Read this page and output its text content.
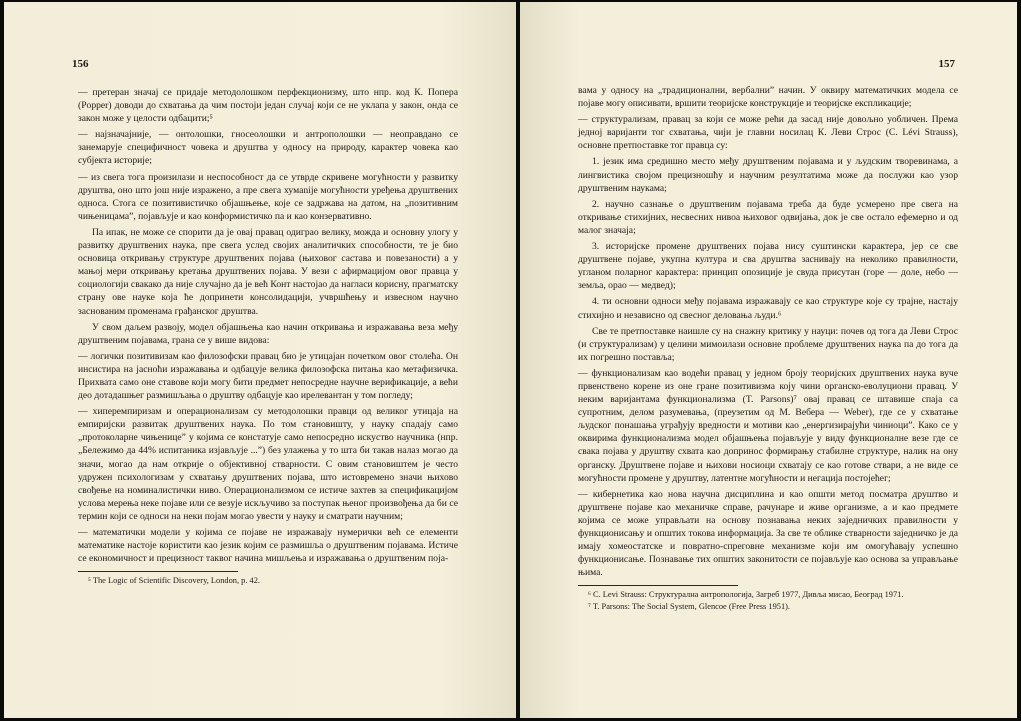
156

— претеран значај се придаје методолошком перфекционизму, што нпр. код К. Попера (Popper) доводи до схватања да чим постоји један случај који се не уклапа у закон, онда се закон може у целости одбацити;⁵

— најзначајније, — онтолошки, гносеолошки и антрополошки — неоправдано се занемарује специфичност човека и друштва у односу на природу, карактер човека као субјекта историје;

— из свега тога произилази и неспособност да се утврде скривене могућности у развитку друштва, оно што још није изражено, а пре свега хумаnije могућности уређења друштвених односа. Стога се позитивистичко објашњење, које се задржава на датом, на „позитивним чињеницама”, појављује и као конформистичко па и као конзервативно.

Па ипак, не може се спорити да је овај правац одиграо велику, можда и основну улогу у развитку друштвених наука, пре свега услед својих аналитичких способности, те је био основица откривању структуре друштвених појава (њиховог састава и повезаности) а у мањој мери откривању кретања друштвених појава. У вези с афирмацијом овог правца у социологији свакако да није случајно да је већ Конт настојао да нагласи корисну, прагматску страну ове науке која ће допринети консолидацији, учвршћењу и извесном научно заснованим променама грађанског друштва.

У свом даљем развоју, модел објашњења као начин откривања и изражавања веза међу друштвеним појавама, грана се у више видова:

— логички позитивизам као филозофски правац био је утицајан почетком овог столећа. Он инсистира на јасноћи изражавања и одбацује велика филозофска питања као метафизичка. Прихвата само оне ставове који могу бити предмет непосредне научне верификације, а већи део дотадашњег размишљања о друштву одбацује као ирелевантан у том погледу;

— хиперемпиризам и операционализам су методолошки правци од великог утицаја на емпиријски развитак друштвених наука. По том становишту, у науку спадају само „протоколарне чињенице” у којима се констатује само непосредно искуство научника (нпр. „Бележимо да 44% испитаника изјављује ...”) без улажења у то шта би такав налаз могао да значи, могао да нам открије о објективној стварности. С овим становиштем је често удружен психологизам у схватању друштвених појава, што истовремено значи њихово свођење на номиналистички ниво. Операционализмом се истиче захтев за спецификацијом услова мерења неке појаве или се везује искључиво за поступак њеног произвођења да би се термин који се односи на неки појам могао увести у науку и сматрати научним;

— математички модели у којима се појаве не изражавају нумерички већ се елементи математике настоје користити као језик којим се размишља о друштвеним појавама. Истиче се економичност и прецизност таквог начина мишљења и изражавања о друштвеним поја-

⁵ The Logic of Scientific Discovery, London, p. 42.
157

вама у односу на „традиционални, вербални” начин. У оквиру математичких модела се појаве могу описивати, вршити теоријске конструкције и теоријске експликације;

— структурализам, правац за који се може рећи да засад није довољно уобличен. Према једној варијанти тог схватања, чији је главни носилац К. Леви Строс (C. Lévi Strauss), основне претпоставке тог правца су:

1. језик има средишно место међу друштвеним појавама и у људским творевинама, а лингвистика својом прецизношћу и научним резултатима може да послужи као узор друштвеним наукама;

2. научно сазнање о друштвеним појавама треба да буде усмерено пре свега на откривање стихијних, несвесних нивоа њиховог одвијања, док је све остало ефемерно и од малог значаја;

3. историјске промене друштвених појава нису суштински карактера, јер се све друштвене појаве, укупна култура и сва друштва заснивају на неколико правилности, угланом поларног карактера: принцип опозиције је свуда присутан (горе — доле, небо — земља, орао — медвед);

4. ти основни односи међу појавама изражавају се као структуре које су трајне, настају стихијно и независно од свесног деловања људи.⁶

Све те претпоставке наишле су на снажну критику у науци: почев од тога да Леви Строс (и структурализам) у целини мимоилази основне проблеме друштвених наука па до тога да их погрешно поставља;

— функционализам као водећи правац у једном броју теоријских друштвених наука вуче првенствено корене из оне гране позитивизма коју чини органско-еволуциони правац. У неким варијантама функционализма (T. Parsons)⁷ овај правац се штавише спаја са супротним, делом разумевања, (преузетим од М. Вебера — Weber), где се у схватање људског понашања уграђују вредности и мотиви као „енергизирајући чиниоци”. Како се у оквирима функционализма модел објашњења појављује у виду функционалне везе где се свака појава у друштву схвата као допринос формирању стабилне структуре, налик на ону органску. Друштвене појаве и њихови носиоци схватају се као готове ствари, а не виде се могућности промене у друштву, латентне могућности и негација постојећег;

— кибернетика као нова научна дисциплина и као општи метод посматра друштво и друштвене појаве као механичке справе, рачунаре и живе организме, а и као предмете којима се може управљати на основу познавања неких заједничких правилности у функционисању и општих токова информација. За све те облике стварности заједничко је да имају хомеостатске и повратно-спреговне механизме који им омогућавају успешно функционисање. Познавање тих општих законитости се појављује као основа за управљање њима.

⁶ C. Levi Strauss: Структурална антропологија, Загреб 1977, Дивља мисао, Београд 1971.
⁷ T. Parsons: The Social System, Glencoe (Free Press 1951).
